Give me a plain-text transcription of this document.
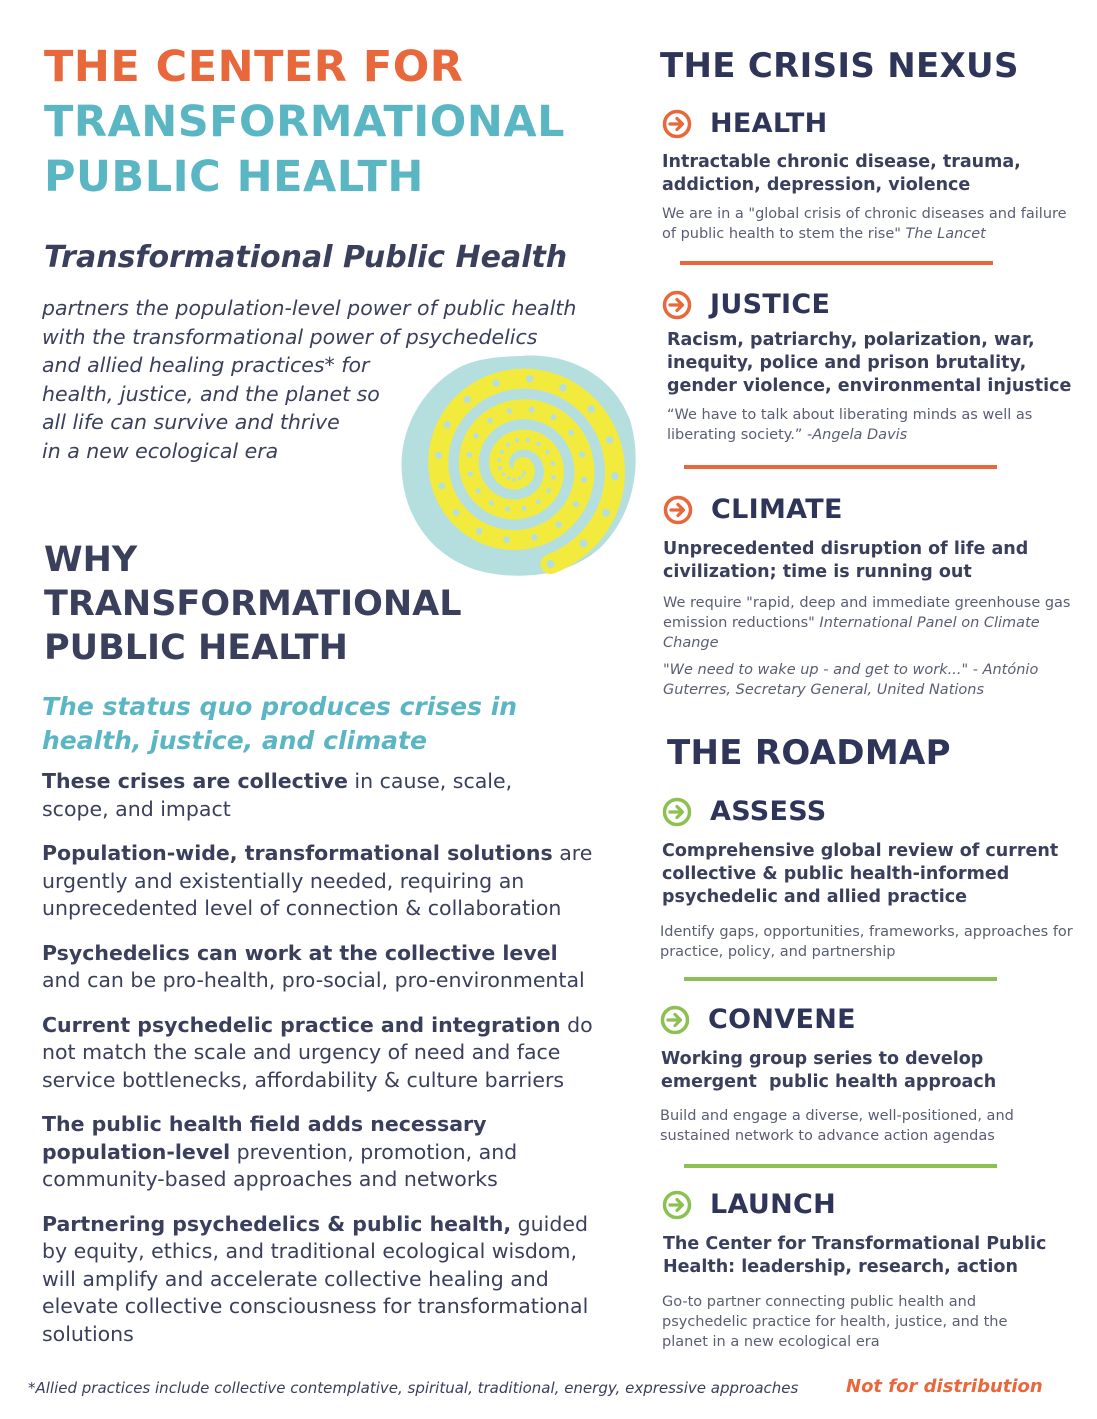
THE CENTER FOR

TRANSFORMATIONAL

PUBLIC HEALTH

Transformational Public Health

partners the population-level power of public health

with the transformational power of psychedelics

and allied healing practices* for

health, justice, and the planet so

all life can survive and thrive

in a new ecological era

WHY

TRANSFORMATIONAL

PUBLIC HEALTH

The status quo produces crises in

health, justice, and climate

These crises are collective in cause, scale, scope, and impact

Population-wide, transformational solutions are urgently and existentially needed, requiring an unprecedented level of connection & collaboration

Psychedelics can work at the collective level and can be pro-health, pro-social, pro-environmental

Current psychedelic practice and integration do not match the scale and urgency of need and face service bottlenecks, affordability & culture barriers

The public health field adds necessary population-level prevention, promotion, and community-based approaches and networks

Partnering psychedelics & public health, guided by equity, ethics, and traditional ecological wisdom, will amplify and accelerate collective healing and elevate collective consciousness for transformational solutions

*Allied practices include collective contemplative, spiritual, traditional, energy, expressive approaches	Not for distribution

THE CRISIS NEXUS

HEALTH

Intractable chronic disease, trauma, addiction, depression, violence

We are in a "global crisis of chronic diseases and failure of public health to stem the rise" The Lancet

JUSTICE

Racism, patriarchy, polarization, war, inequity, police and prison brutality, gender violence, environmental injustice

“We have to talk about liberating minds as well as liberating society.” -Angela Davis

CLIMATE

Unprecedented disruption of life and civilization; time is running out

We require "rapid, deep and immediate greenhouse gas emission reductions" International Panel on Climate Change

"We need to wake up - and get to work..." - António Guterres, Secretary General, United Nations

THE ROADMAP

ASSESS

Comprehensive global review of current collective & public health-informed psychedelic and allied practice

Identify gaps, opportunities, frameworks, approaches for practice, policy, and partnership

CONVENE

Working group series to develop emergent  public health approach

Build and engage a diverse, well-positioned, and sustained network to advance action agendas

LAUNCH

The Center for Transformational Public Health: leadership, research, action

Go-to partner connecting public health and psychedelic practice for health, justice, and the planet in a new ecological era
